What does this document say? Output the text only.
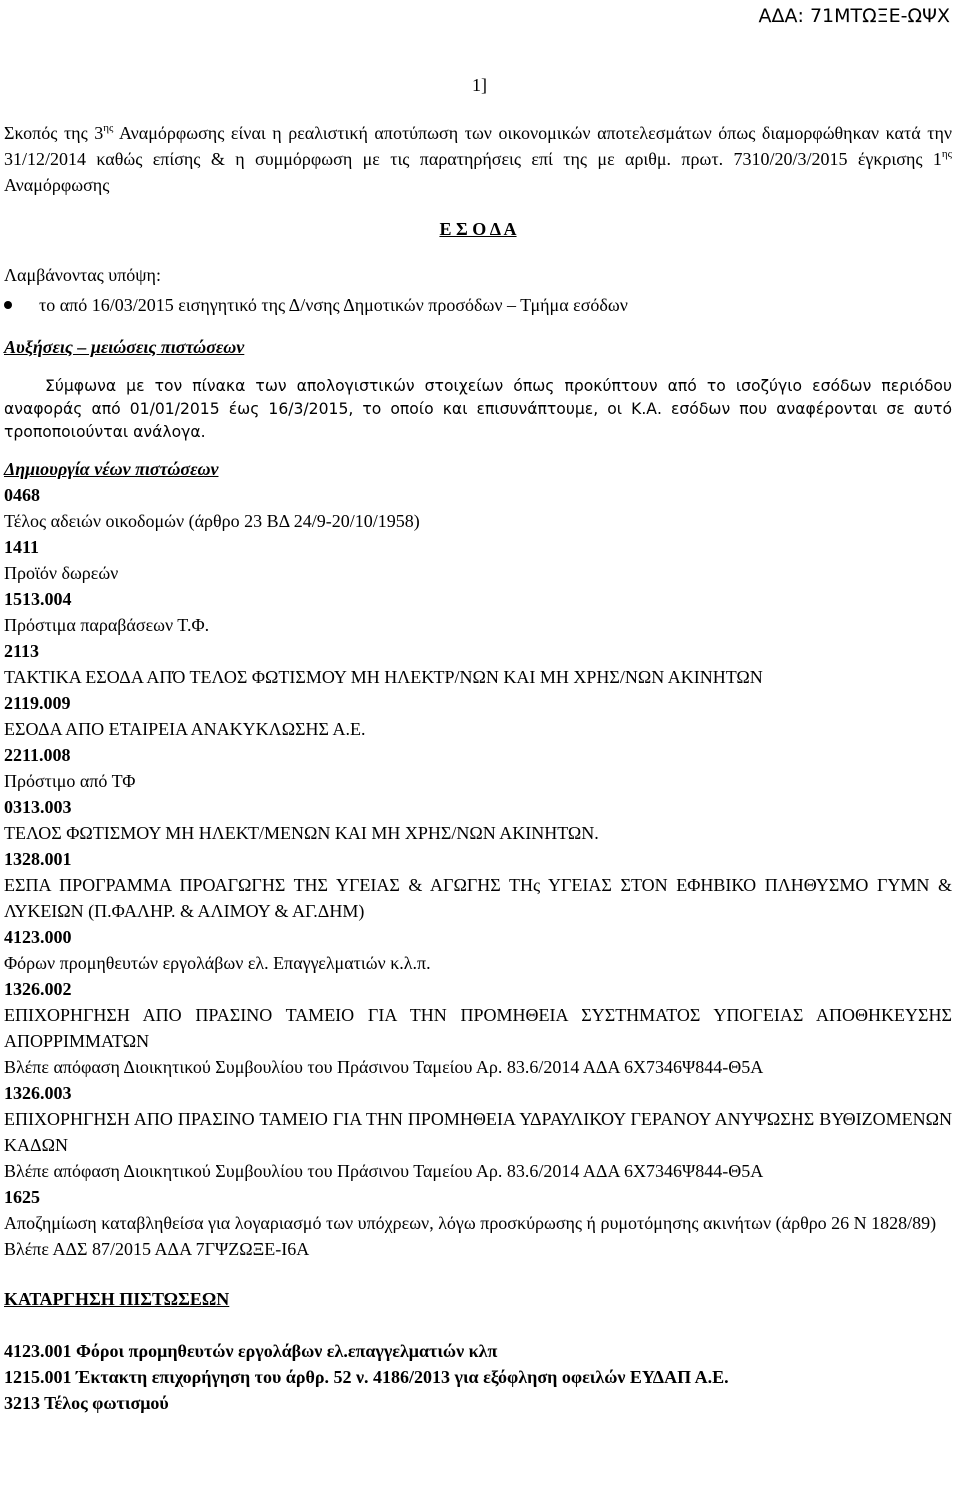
ΑΔΑ: 71ΜΤΩΞΕ-ΩΨΧ
1]

Σκοπός της $3^{\eta\varsigma}$ Αναμόρφωσης είναι η ρεαλιστική αποτύπωση των οικονομικών αποτελεσμάτων όπως διαμορφώθηκαν κατά την 31/12/2014 καθώς επίσης & η συμμόρφωση με τις παρατηρήσεις επί της με αριθμ. πρωτ. 7310/20/3/2015 έγκρισης $1^{\eta\varsigma}$ Αναμόρφωσης

Ε Σ Ο Δ Α

Λαμβάνοντας υπόψη:

το από 16/03/2015 εισηγητικό της Δ/νσης Δημοτικών προσόδων – Τμήμα εσόδων

Αυξήσεις – μειώσεις πιστώσεων

Σύμφωνα με τον πίνακα των απολογιστικών στοιχείων όπως προκύπτουν από το ισοζύγιο εσόδων περιόδου αναφοράς από 01/01/2015 έως 16/3/2015, το οποίο και επισυνάπτουμε, οι Κ.Α. εσόδων που αναφέρονται σε αυτό τροποποιούνται ανάλογα.

Δημιουργία νέων πιστώσεων

0468

Τέλος αδειών οικοδομών (άρθρο 23 ΒΔ 24/9-20/10/1958)

1411

Προϊόν δωρεών

1513.004

Πρόστιμα παραβάσεων Τ.Φ.

2113

ΤΑΚΤΙΚΑ ΕΣΟΔΑ ΑΠΌ ΤΕΛΟΣ ΦΩΤΙΣΜΟΥ ΜΗ ΗΛΕΚΤΡ/ΝΩΝ ΚΑΙ ΜΗ ΧΡΗΣ/ΝΩΝ ΑΚΙΝΗΤΩΝ

2119.009

ΕΣΟΔΑ ΑΠΟ ΕΤΑΙΡΕΙΑ ΑΝΑΚΥΚΛΩΣΗΣ Α.Ε.

2211.008

Πρόστιμο από ΤΦ

0313.003

ΤΕΛΟΣ ΦΩΤΙΣΜΟΥ ΜΗ ΗΛΕΚΤ/ΜΕΝΩΝ ΚΑΙ ΜΗ ΧΡΗΣ/ΝΩΝ ΑΚΙΝΗΤΩΝ.

1328.001

ΕΣΠΑ ΠΡΟΓΡΑΜΜΑ ΠΡΟΑΓΩΓΗΣ ΤΗΣ ΥΓΕΙΑΣ & ΑΓΩΓΗΣ ΤΗς ΥΓΕΙΑΣ ΣΤΟΝ ΕΦΗΒΙΚΟ ΠΛΗΘΥΣΜΟ ΓΥΜΝ & ΛΥΚΕΙΩΝ (Π.ΦΑΛΗΡ. & ΑΛΙΜΟΥ & ΑΓ.ΔΗΜ)

4123.000

Φόρων προμηθευτών εργολάβων ελ. Επαγγελματιών κ.λ.π.

1326.002

ΕΠΙΧΟΡΗΓΗΣΗ ΑΠΟ ΠΡΑΣΙΝΟ ΤΑΜΕΙΟ ΓΙΑ ΤΗΝ ΠΡΟΜΗΘΕΙΑ ΣΥΣΤΗΜΑΤΟΣ ΥΠΟΓΕΙΑΣ ΑΠΟΘΗΚΕΥΣΗΣ ΑΠΟΡΡΙΜΜΑΤΩΝ

Βλέπε απόφαση Διοικητικού Συμβουλίου του Πράσινου Ταμείου Αρ. 83.6/2014 ΑΔΑ 6Χ7346Ψ844-Θ5Α

1326.003

ΕΠΙΧΟΡΗΓΗΣΗ ΑΠΟ ΠΡΑΣΙΝΟ ΤΑΜΕΙΟ ΓΙΑ ΤΗΝ ΠΡΟΜΗΘΕΙΑ ΥΔΡΑΥΛΙΚΟΥ ΓΕΡΑΝΟΥ ΑΝΥΨΩΣΗΣ ΒΥΘΙΖΟΜΕΝΩΝ ΚΑΔΩΝ

Βλέπε απόφαση Διοικητικού Συμβουλίου του Πράσινου Ταμείου Αρ. 83.6/2014 ΑΔΑ 6Χ7346Ψ844-Θ5Α

1625

Αποζημίωση καταβληθείσα για λογαριασμό των υπόχρεων, λόγω προσκύρωσης ή ρυμοτόμησης ακινήτων (άρθρο 26 Ν 1828/89)

Βλέπε ΑΔΣ 87/2015 ΑΔΑ 7ΓΨΖΩΞΕ-Ι6Α

ΚΑΤΑΡΓΗΣΗ ΠΙΣΤΩΣΕΩΝ

4123.001 Φόροι προμηθευτών εργολάβων ελ.επαγγελματιών κλπ

1215.001 Έκτακτη επιχορήγηση του άρθρ. 52 ν. 4186/2013 για εξόφληση οφειλών ΕΥΔΑΠ Α.Ε.

3213 Τέλος φωτισμού
